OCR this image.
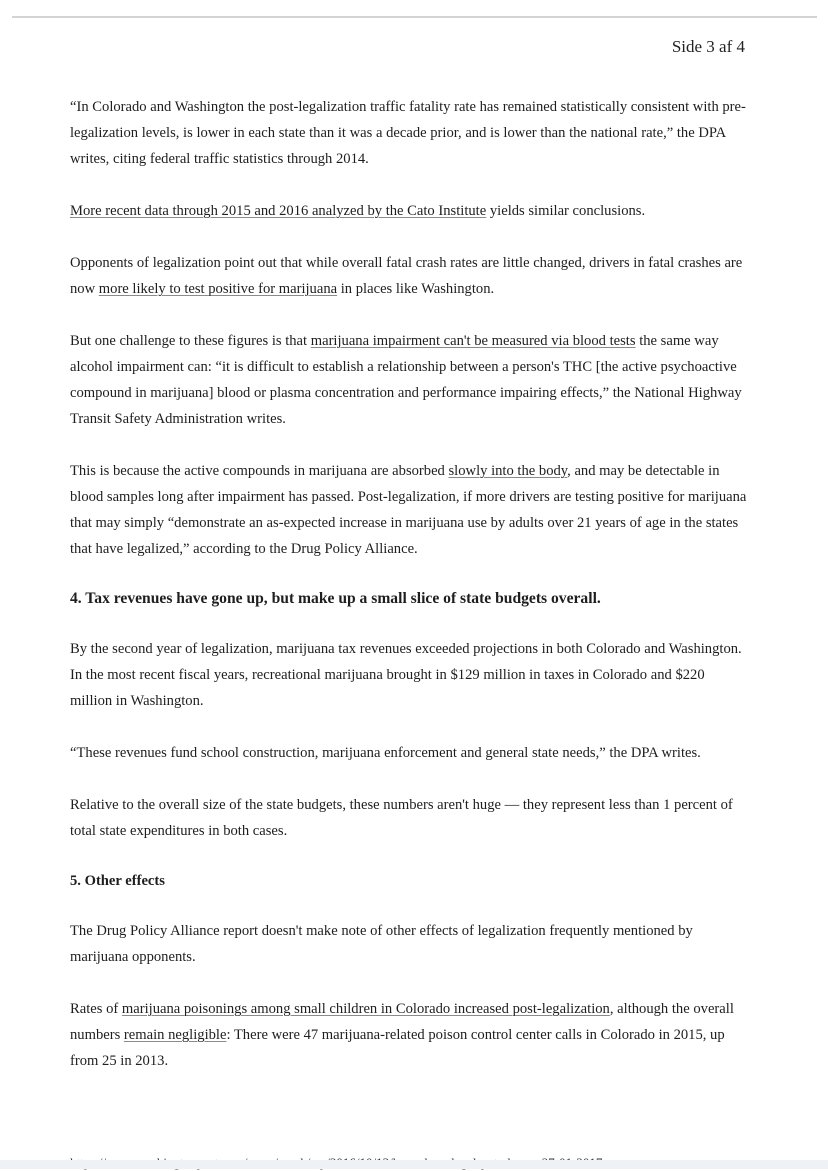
Side 3 af 4

“In Colorado and Washington the post-legalization traffic fatality rate has remained statistically consistent with pre-legalization levels, is lower in each state than it was a decade prior, and is lower than the national rate,” the DPA writes, citing federal traffic statistics through 2014.

More recent data through 2015 and 2016 analyzed by the Cato Institute yields similar conclusions.

Opponents of legalization point out that while overall fatal crash rates are little changed, drivers in fatal crashes are now more likely to test positive for marijuana in places like Washington.

But one challenge to these figures is that marijuana impairment can't be measured via blood tests the same way alcohol impairment can: “it is difficult to establish a relationship between a person's THC [the active psychoactive compound in marijuana] blood or plasma concentration and performance impairing effects,” the National Highway Transit Safety Administration writes.

This is because the active compounds in marijuana are absorbed slowly into the body, and may be detectable in blood samples long after impairment has passed. Post-legalization, if more drivers are testing positive for marijuana that may simply “demonstrate an as-expected increase in marijuana use by adults over 21 years of age in the states that have legalized,” according to the Drug Policy Alliance.

4. Tax revenues have gone up, but make up a small slice of state budgets overall.

By the second year of legalization, marijuana tax revenues exceeded projections in both Colorado and Washington. In the most recent fiscal years, recreational marijuana brought in $129 million in taxes in Colorado and $220 million in Washington.

“These revenues fund school construction, marijuana enforcement and general state needs,” the DPA writes.

Relative to the overall size of the state budgets, these numbers aren't huge — they represent less than 1 percent of total state expenditures in both cases.

5. Other effects

The Drug Policy Alliance report doesn't make note of other effects of legalization frequently mentioned by marijuana opponents.

Rates of marijuana poisonings among small children in Colorado increased post-legalization, although the overall numbers remain negligible: There were 47 marijuana-related poison control center calls in Colorado in 2015, up from 25 in 2013.
